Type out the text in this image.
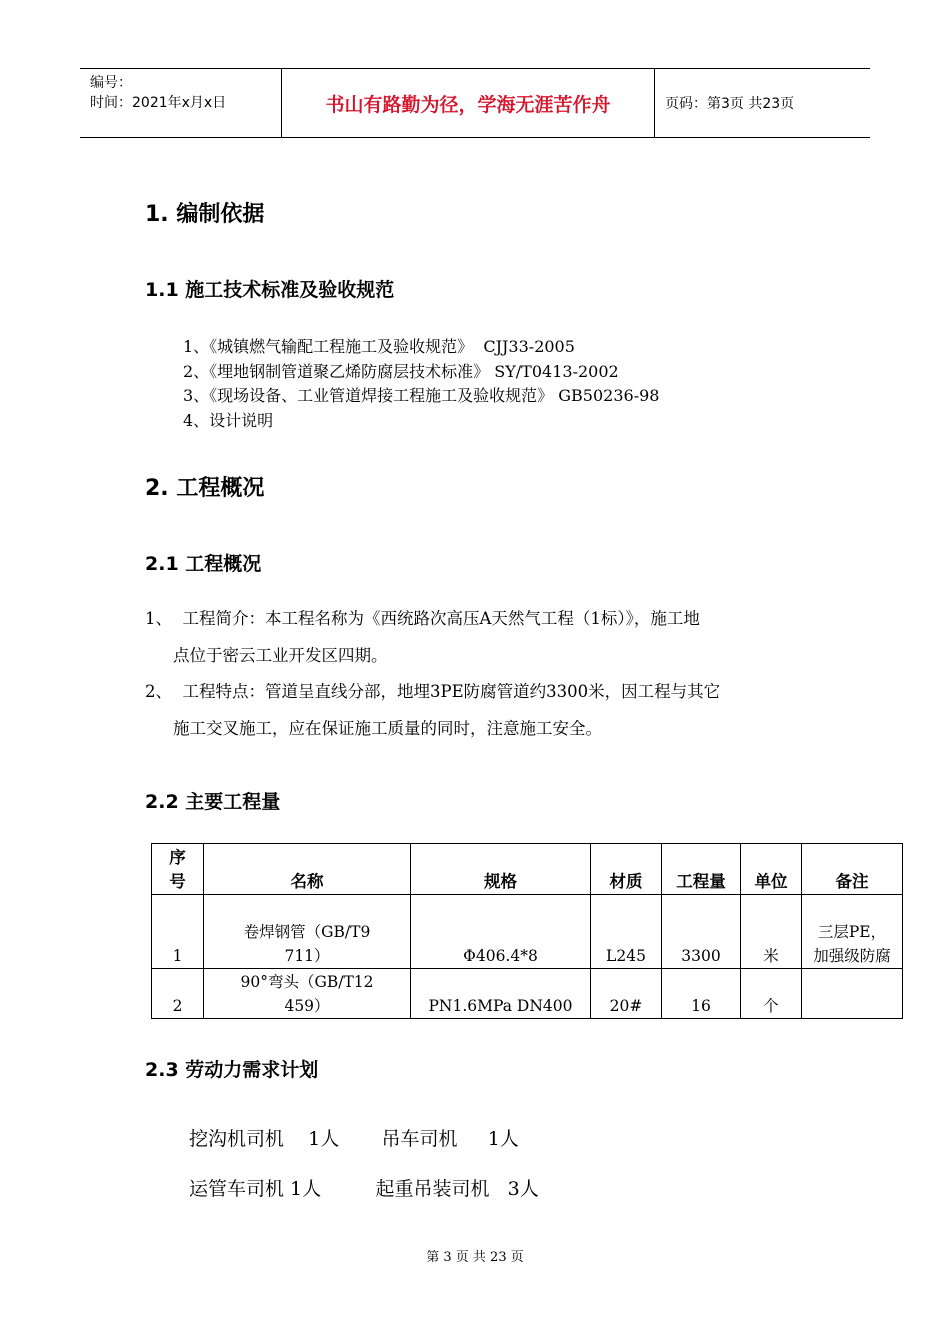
编号：
时间：2021年x月x日	书山有路勤为径，学海无涯苦作舟	页码：第3页 共23页
1. 编制依据
1.1 施工技术标准及验收规范
1、《城镇燃气输配工程施工及验收规范》  CJJ33-2005
2、《埋地钢制管道聚乙烯防腐层技术标准》 SY/T0413-2002
3、《现场设备、工业管道焊接工程施工及验收规范》 GB50236-98
4、设计说明
2. 工程概况
2.1 工程概况
1、  工程简介：本工程名称为《西统路次高压A天然气工程（1标）》，施工地
点位于密云工业开发区四期。
2、  工程特点：管道呈直线分部，地埋3PE防腐管道约3300米，因工程与其它
施工交叉施工，应在保证施工质量的同时，注意施工安全。
2.2 主要工程量
序号	名称	规格	材质	工程量	单位	备注
1	卷焊钢管（GB/T9711）	Φ406.4*8	L245	3300	米	三层PE，加强级防腐
2	90°弯头（GB/T12459）	PN1.6MPa DN400	20#	16	个	
2.3 劳动力需求计划
挖沟机司机    1人       吊车司机     1人
运管车司机 1人         起重吊装司机   3人
第 3 页 共 23 页
